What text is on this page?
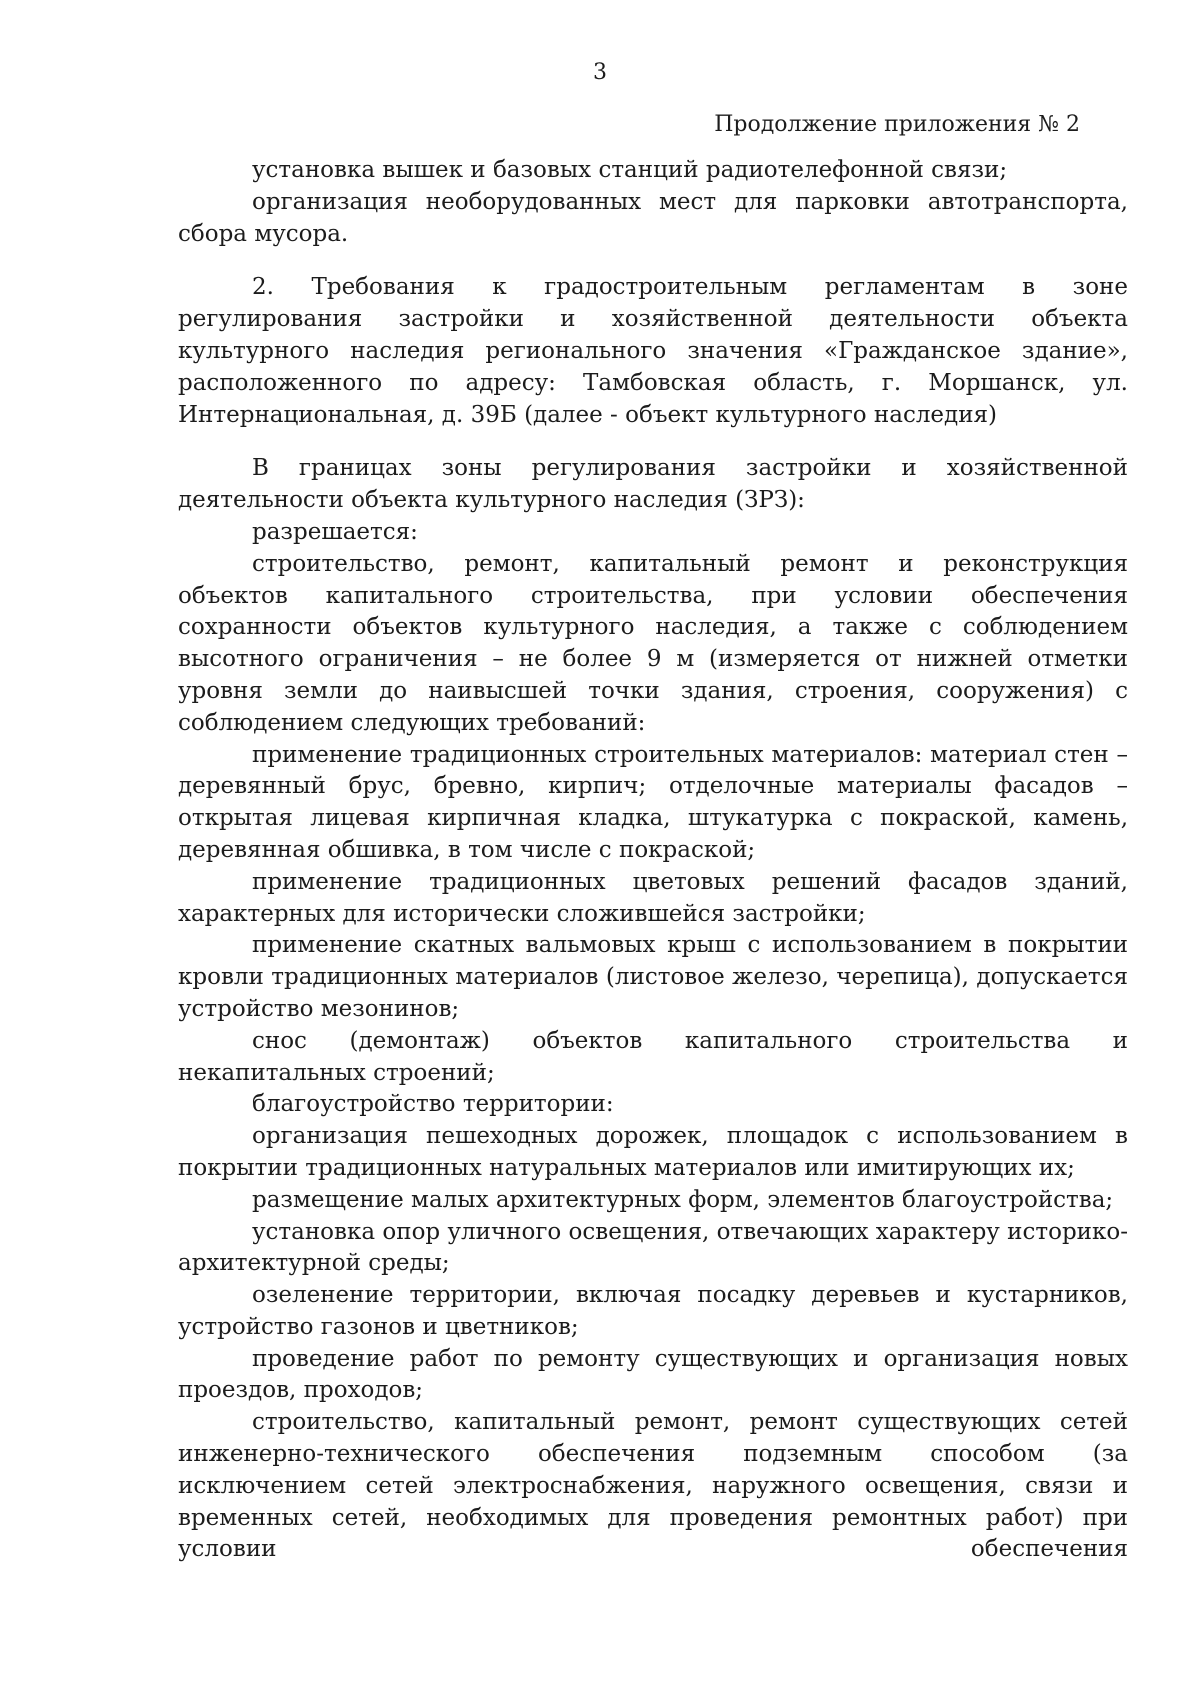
3
Продолжение приложения № 2

установка вышек и базовых станций радиотелефонной связи;

организация необорудованных мест для парковки автотранспорта, сбора мусора.

2. Требования к градостроительным регламентам в зоне регулирования застройки и хозяйственной деятельности объекта культурного наследия регионального значения «Гражданское здание», расположенного по адресу: Тамбовская область, г. Моршанск, ул. Интернациональная, д. 39Б (далее - объект культурного наследия)

В границах зоны регулирования застройки и хозяйственной деятельности объекта культурного наследия (ЗРЗ):

разрешается:

строительство, ремонт, капитальный ремонт и реконструкция объектов капитального строительства, при условии обеспечения сохранности объектов культурного наследия, а также с соблюдением высотного ограничения – не более 9 м (измеряется от нижней отметки уровня земли до наивысшей точки здания, строения, сооружения) с соблюдением следующих требований:

применение традиционных строительных материалов: материал стен – деревянный брус, бревно, кирпич; отделочные материалы фасадов – открытая лицевая кирпичная кладка, штукатурка с покраской, камень, деревянная обшивка, в том числе с покраской;

применение традиционных цветовых решений фасадов зданий, характерных для исторически сложившейся застройки;

применение скатных вальмовых крыш с использованием в покрытии кровли традиционных материалов (листовое железо, черепица), допускается устройство мезонинов;

снос (демонтаж) объектов капитального строительства и некапитальных строений;

благоустройство территории:

организация пешеходных дорожек, площадок с использованием в покрытии традиционных натуральных материалов или имитирующих их;

размещение малых архитектурных форм, элементов благоустройства;

установка опор уличного освещения, отвечающих характеру историко-архитектурной среды;

озеленение территории, включая посадку деревьев и кустарников, устройство газонов и цветников;

проведение работ по ремонту существующих и организация новых проездов, проходов;

строительство, капитальный ремонт, ремонт существующих сетей инженерно-технического обеспечения подземным способом (за исключением сетей электроснабжения, наружного освещения, связи и временных сетей, необходимых для проведения ремонтных работ) при условии обеспечения
